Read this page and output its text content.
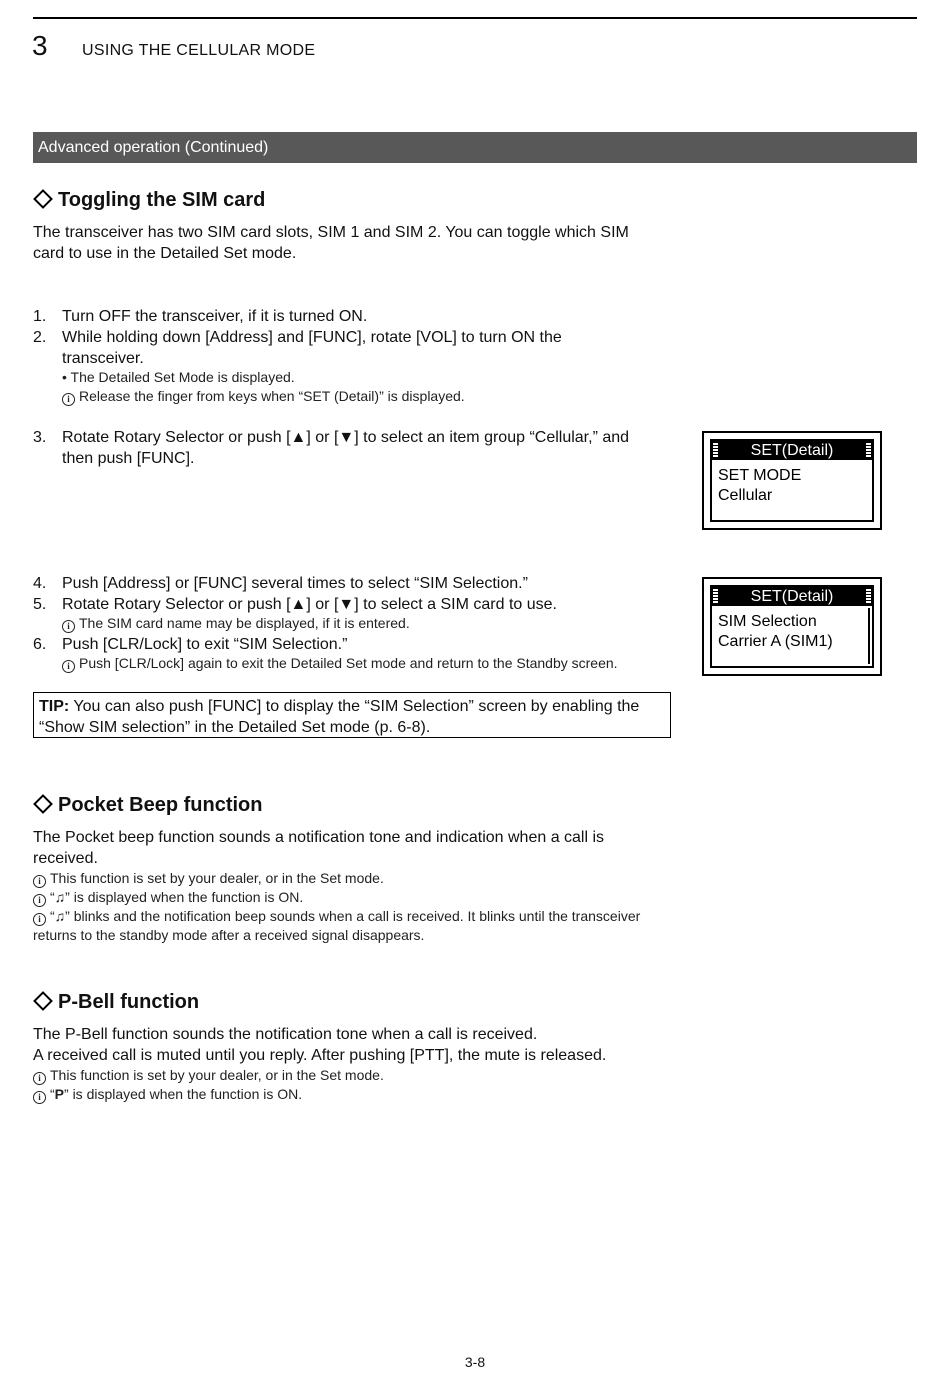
3 USING THE CELLULAR MODE
Advanced operation (Continued)
Toggling the SIM card
The transceiver has two SIM card slots, SIM 1 and SIM 2. You can toggle which SIM card to use in the Detailed Set mode.
1. Turn OFF the transceiver, if it is turned ON.
2. While holding down [Address] and [FUNC], rotate [VOL] to turn ON the transceiver.
• The Detailed Set Mode is displayed.
i Release the finger from keys when “SET (Detail)” is displayed.
3. Rotate Rotary Selector or push [▲] or [▼] to select an item group “Cellular,” and then push [FUNC].	SET(Detail)
SET MODE
Cellular
4. Push [Address] or [FUNC] several times to select “SIM Selection.”
5. Rotate Rotary Selector or push [▲] or [▼] to select a SIM card to use.
i The SIM card name may be displayed, if it is entered.
6. Push [CLR/Lock] to exit “SIM Selection.”
i Push [CLR/Lock] again to exit the Detailed Set mode and return to the Standby screen.
SET(Detail)
SIM Selection
Carrier A (SIM1)
TIP: You can also push [FUNC] to display the “SIM Selection” screen by enabling the “Show SIM selection” in the Detailed Set mode (p. 6-8).
Pocket Beep function
The Pocket beep function sounds a notification tone and indication when a call is received.
i This function is set by your dealer, or in the Set mode.
i “♫” is displayed when the function is ON.
i “♫” blinks and the notification beep sounds when a call is received. It blinks until the transceiver returns to the standby mode after a received signal disappears.
P-Bell function
The P-Bell function sounds the notification tone when a call is received.
A received call is muted until you reply. After pushing [PTT], the mute is released.
i This function is set by your dealer, or in the Set mode.
i “P” is displayed when the function is ON.
3-8
